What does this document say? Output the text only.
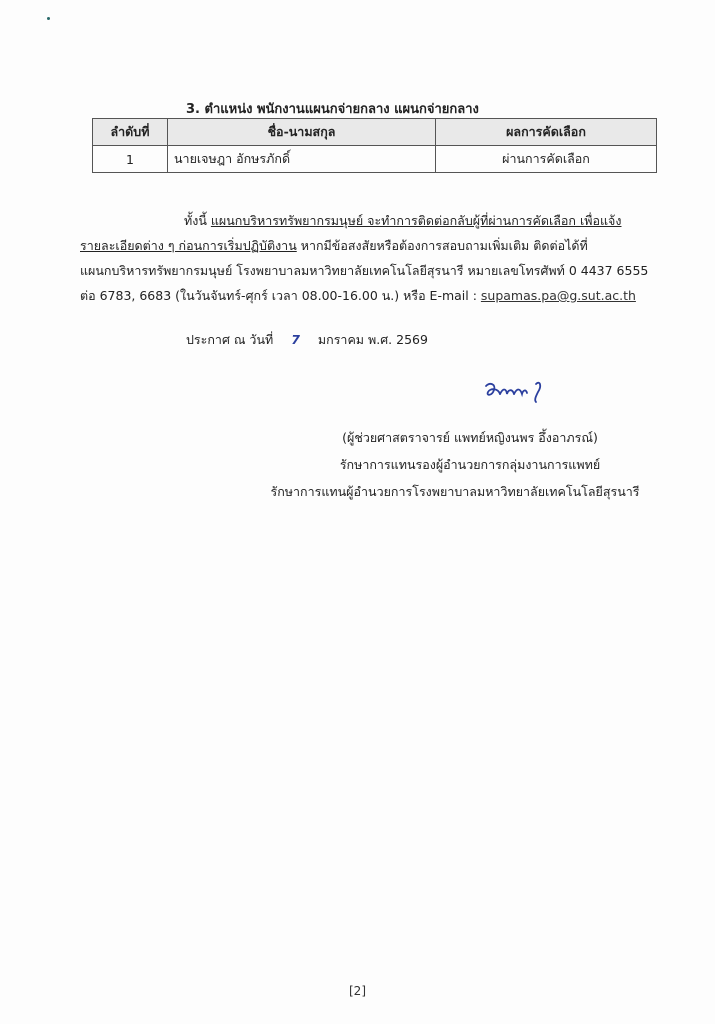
3. ตำแหน่ง พนักงานแผนกจ่ายกลาง แผนกจ่ายกลาง
ลำดับที่	ชื่อ-นามสกุล	ผลการคัดเลือก
1	นายเจษฎา อักษรภักดิ์	ผ่านการคัดเลือก
ทั้งนี้ แผนกบริหารทรัพยากรมนุษย์ จะทำการติดต่อกลับผู้ที่ผ่านการคัดเลือก เพื่อแจ้ง
รายละเอียดต่าง ๆ ก่อนการเริ่มปฏิบัติงาน หากมีข้อสงสัยหรือต้องการสอบถามเพิ่มเติม ติดต่อได้ที่
แผนกบริหารทรัพยากรมนุษย์ โรงพยาบาลมหาวิทยาลัยเทคโนโลยีสุรนารี หมายเลขโทรศัพท์ 0 4437 6555
ต่อ 6783, 6683 (ในวันจันทร์-ศุกร์ เวลา 08.00-16.00 น.) หรือ E-mail : supamas.pa@g.sut.ac.th
ประกาศ ณ วันที่ 7 มกราคม พ.ศ. 2569
(ผู้ช่วยศาสตราจารย์ แพทย์หญิงนพร อึ้งอาภรณ์)
รักษาการแทนรองผู้อำนวยการกลุ่มงานการแพทย์
รักษาการแทนผู้อำนวยการโรงพยาบาลมหาวิทยาลัยเทคโนโลยีสุรนารี
[2]
